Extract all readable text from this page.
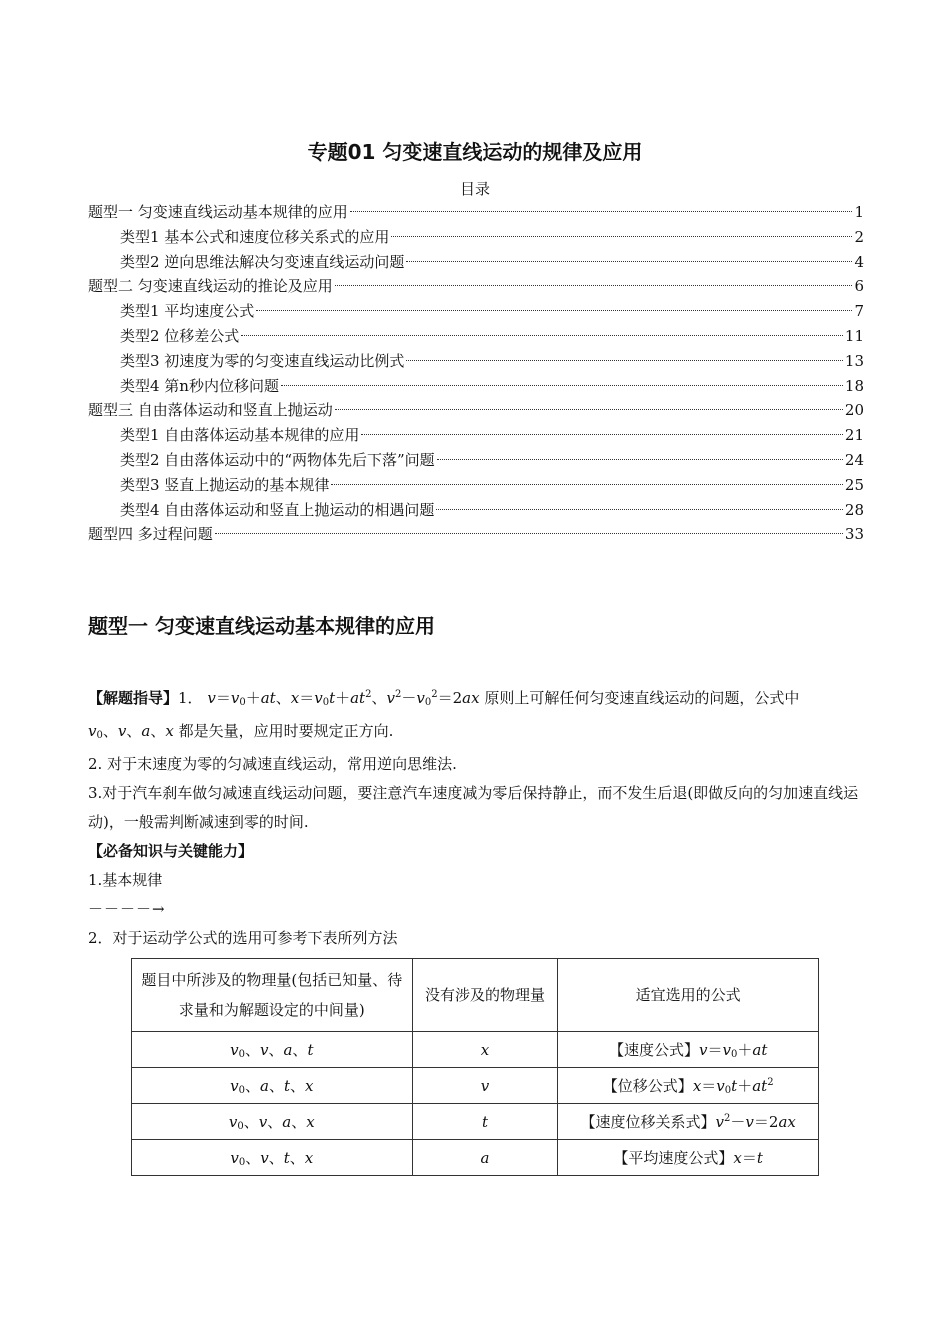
专题01 匀变速直线运动的规律及应用
目录
题型一 匀变速直线运动基本规律的应用	1
类型1 基本公式和速度位移关系式的应用	2
类型2 逆向思维法解决匀变速直线运动问题	4
题型二 匀变速直线运动的推论及应用	6
类型1 平均速度公式	7
类型2 位移差公式	11
类型3 初速度为零的匀变速直线运动比例式	13
类型4 第n秒内位移问题	18
题型三 自由落体运动和竖直上抛运动	20
类型1 自由落体运动基本规律的应用	21
类型2 自由落体运动中的“两物体先后下落”问题	24
类型3 竖直上抛运动的基本规律	25
类型4 自由落体运动和竖直上抛运动的相遇问题	28
题型四 多过程问题	33
题型一 匀变速直线运动基本规律的应用

【解题指导】1． $v=v_0+at$、$x=v_0t+at^2$、$v^2-v_0^2=2ax$ 原则上可解任何匀变速直线运动的问题，公式中
$v_0$、v、a、x 都是矢量，应用时要规定正方向.

2. 对于末速度为零的匀减速直线运动，常用逆向思维法.

3.对于汽车刹车做匀减速直线运动问题，要注意汽车速度减为零后保持静止，而不发生后退(即做反向的匀加速直线运动)，一般需判断减速到零的时间.

【必备知识与关键能力】

1.基本规律

－－－－→

2．对于运动学公式的选用可参考下表所列方法

题目中所涉及的物理量(包括已知量、待求量和为解题设定的中间量)	没有涉及的物理量	适宜选用的公式
$v_0$、v、a、t	x	【速度公式】$v=v_0+at$
$v_0$、a、t、x	v	【位移公式】$x=v_0t+at^2$
$v_0$、v、a、x	t	【速度位移关系式】$v^2-v=2ax$
$v_0$、v、t、x	a	【平均速度公式】x＝t
